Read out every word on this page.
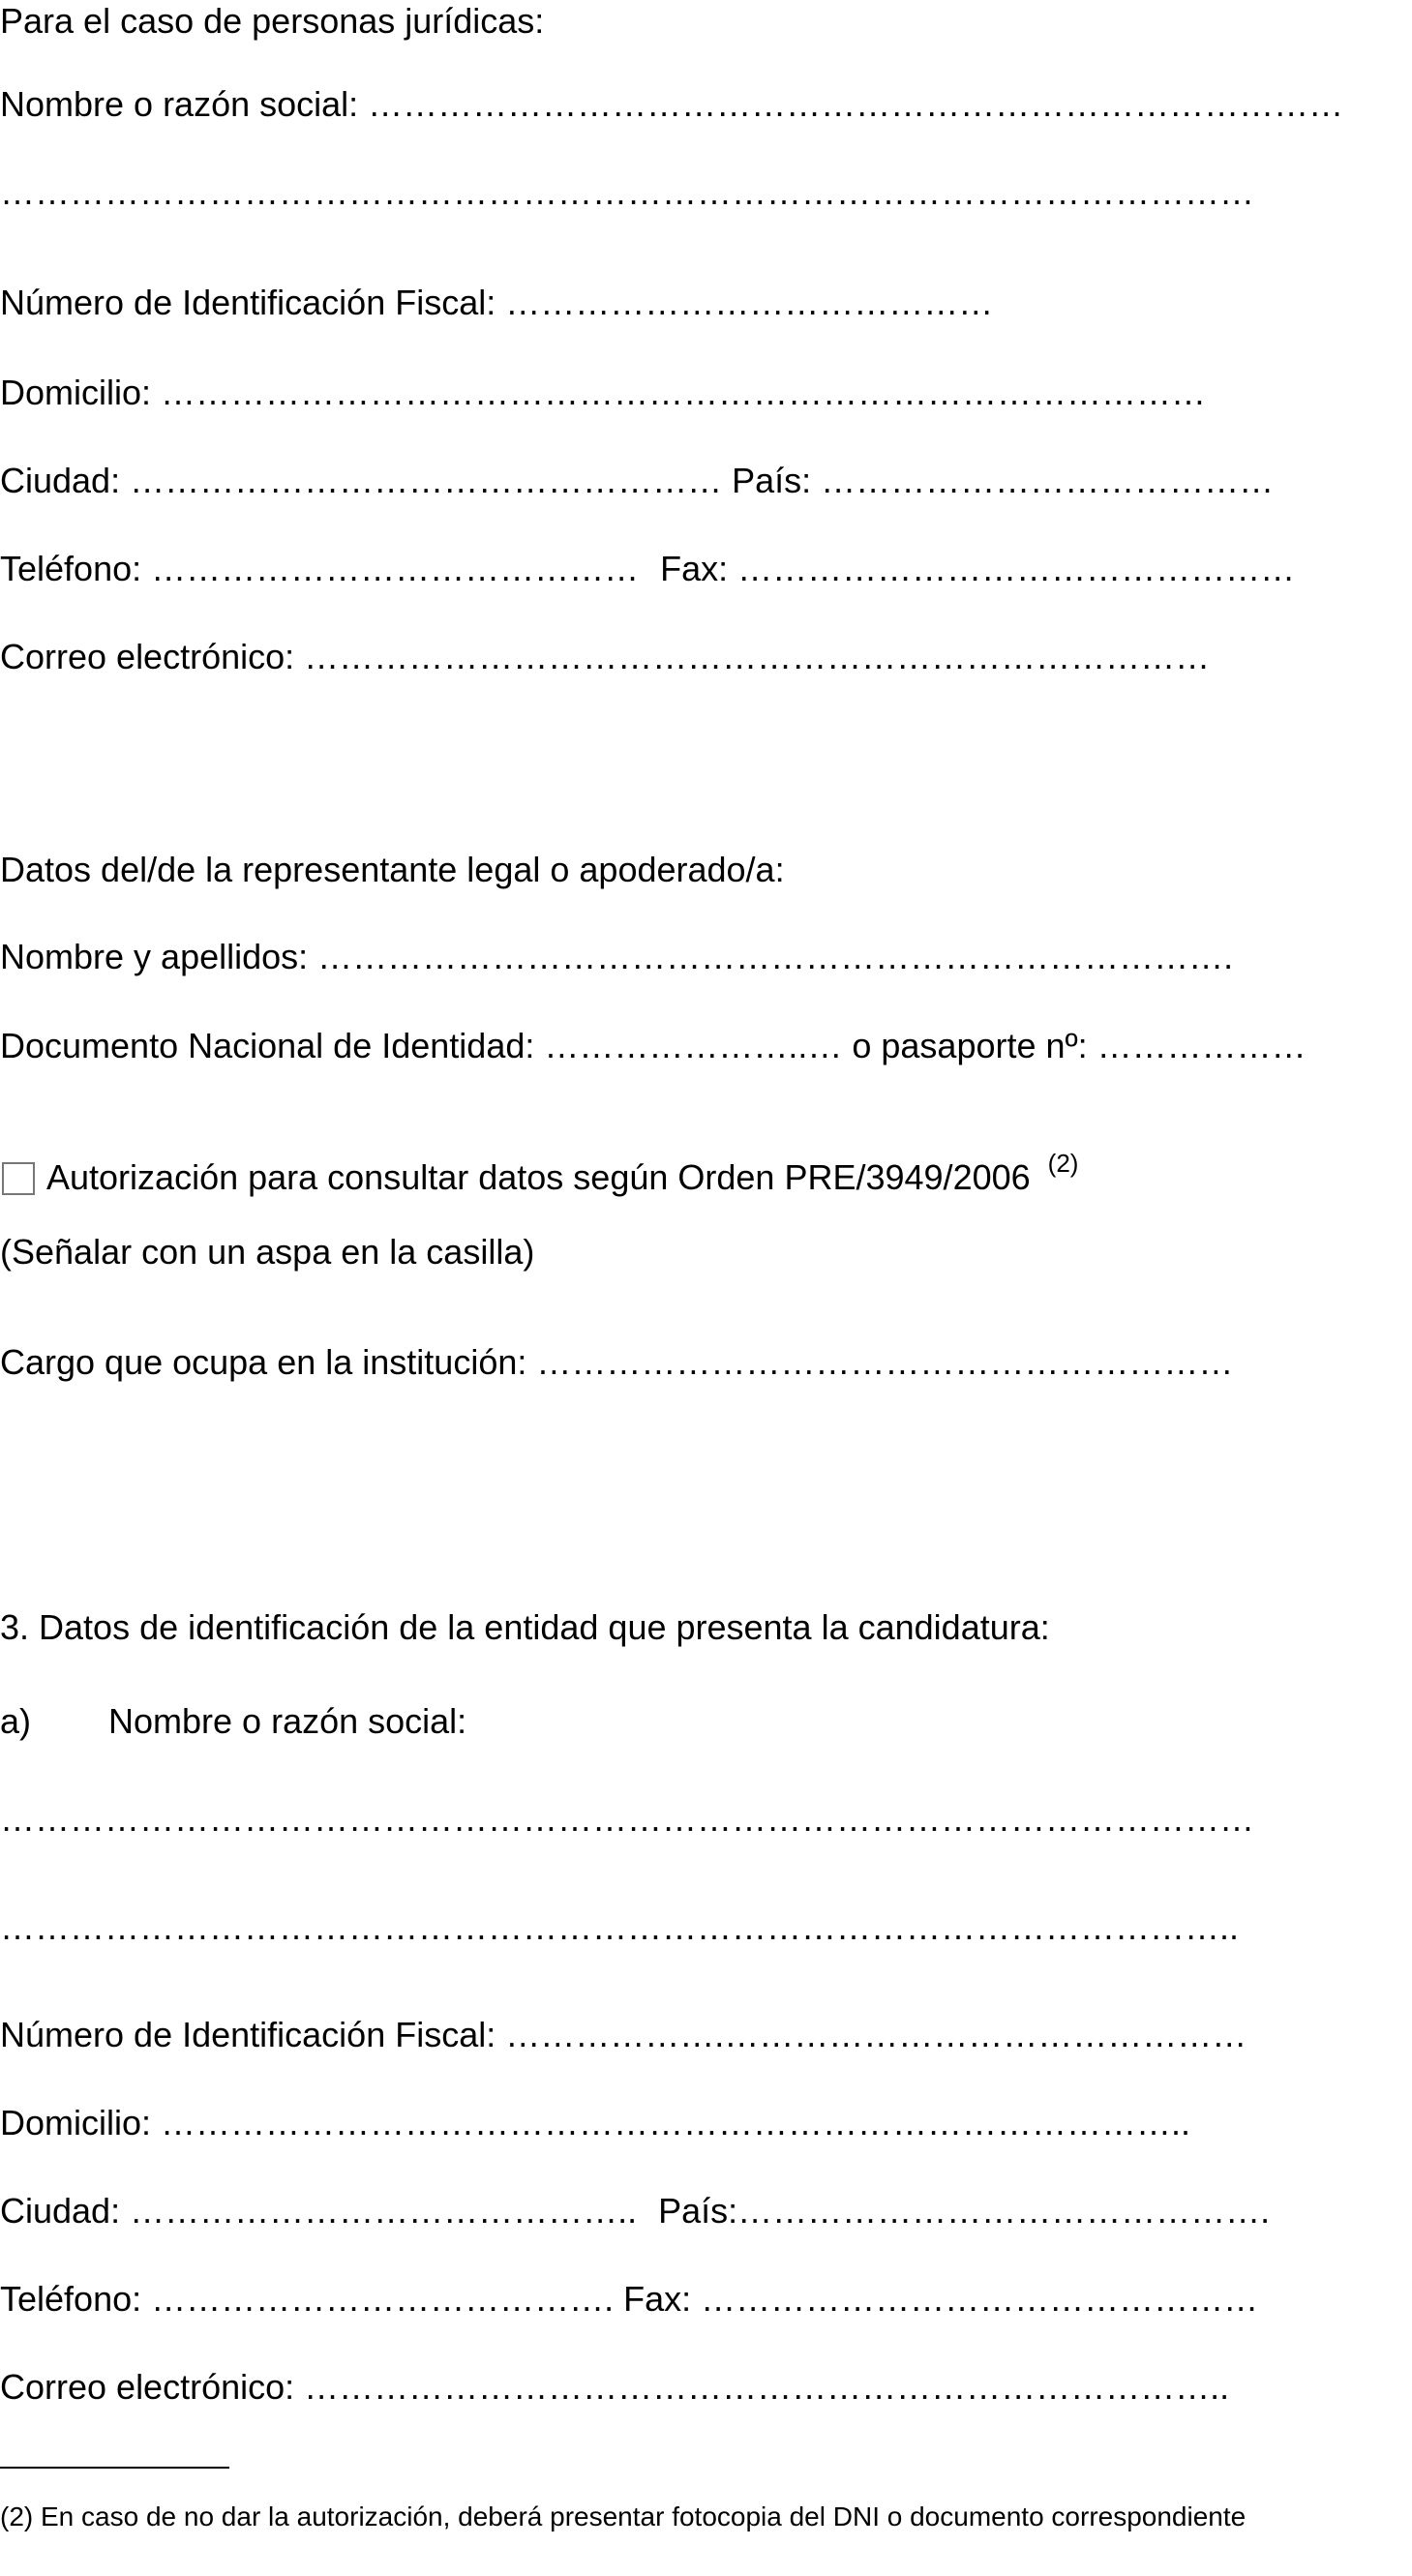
Para el caso de personas jurídicas:
Nombre o razón social: …………………………………………………………………………
………………………………………………………………………………………………
Número de Identificación Fiscal: ……………………………………
Domicilio: ………………………………………………………………………………
Ciudad: …………………………………………… País: …………………………………
Teléfono: …………………………………… Fax: …………………………………………
Correo electrónico: ……………………………………………………………………
Datos del/de la representante legal o apoderado/a:
Nombre y apellidos: …………………………………………………………………….
Documento Nacional de Identidad: …………………..… o pasaporte nº: ………………
Autorización para consultar datos según Orden PRE/3949/2006 $^{(2)}$
(Señalar con un aspa en la casilla)
Cargo que ocupa en la institución: ……………………………………………………
3. Datos de identificación de la entidad que presenta la candidatura:
a) Nombre o razón social:
………………………………………………………………………………………………
……………………………………………………………………………………………..
Número de Identificación Fiscal: ……………….………………………………………
Domicilio: ……………………………………………………………………………..
Ciudad: …………………………………….. País:……………………………………….
Teléfono: …………………………………. Fax: …………………………………………
Correo electrónico: ……………………………………………………………………..
(2) En caso de no dar la autorización, deberá presentar fotocopia del DNI o documento correspondiente
